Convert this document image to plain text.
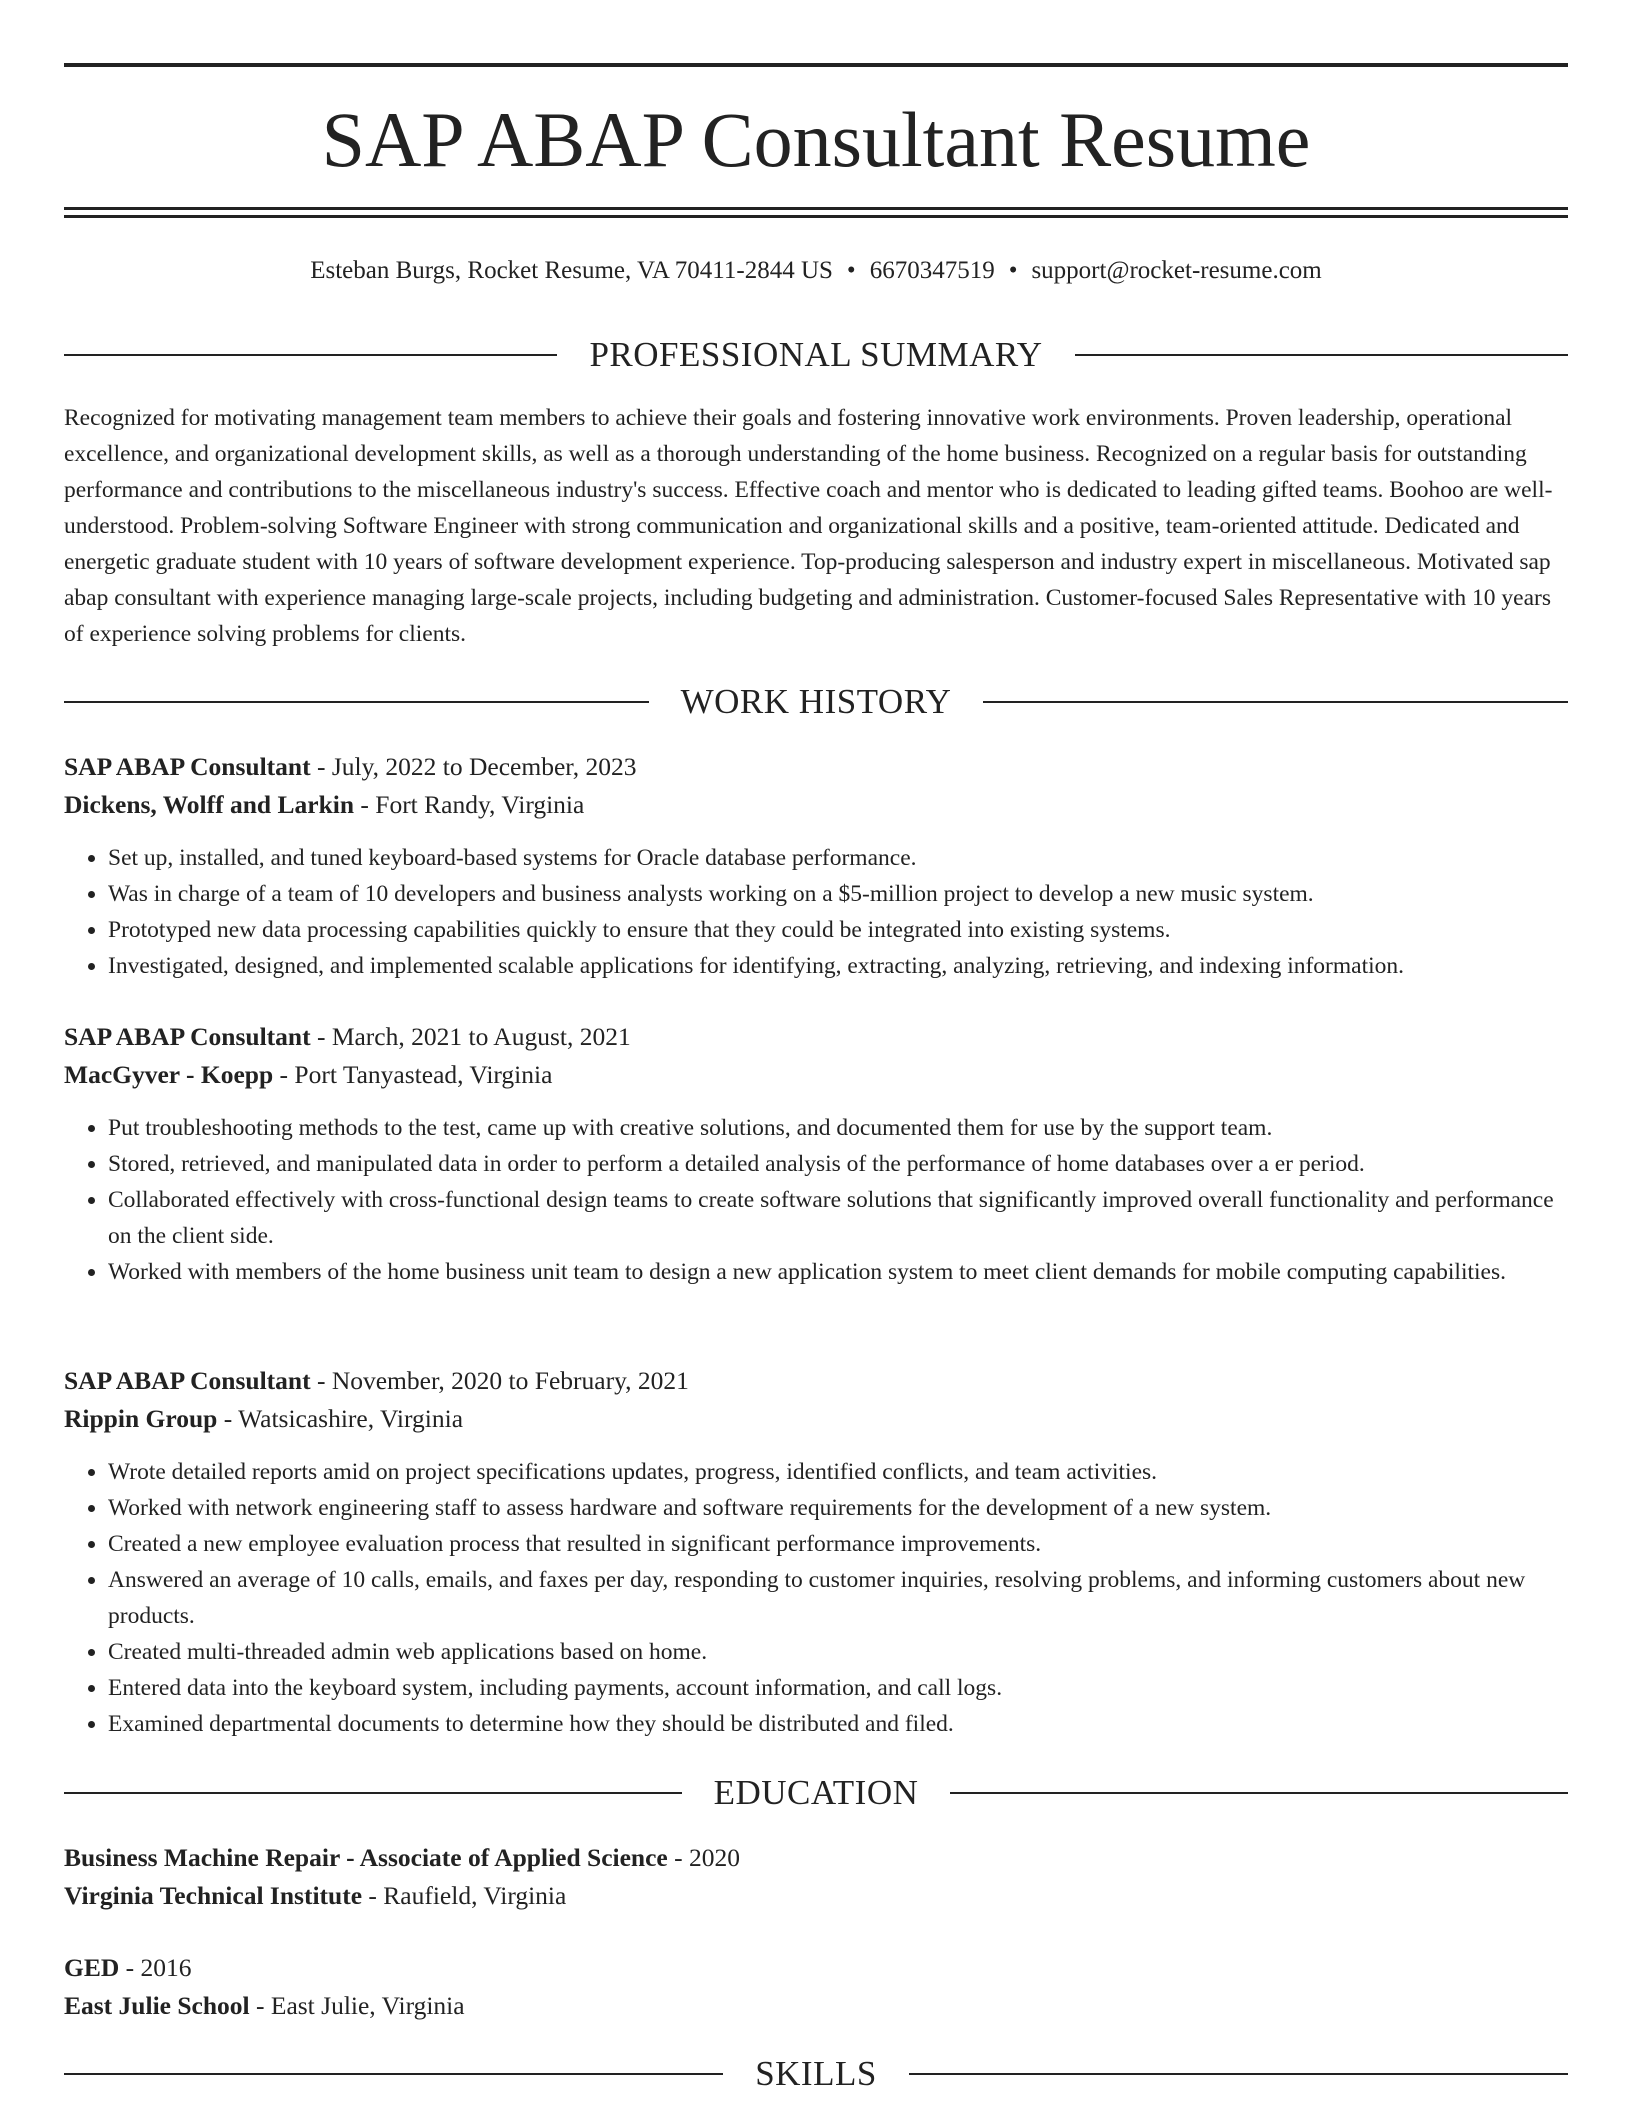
SAP ABAP Consultant Resume
Esteban Burgs, Rocket Resume, VA 70411-2844 US • 6670347519 • support@rocket-resume.com
PROFESSIONAL SUMMARY
Recognized for motivating management team members to achieve their goals and fostering innovative work environments. Proven leadership, operational excellence, and organizational development skills, as well as a thorough understanding of the home business. Recognized on a regular basis for outstanding performance and contributions to the miscellaneous industry's success. Effective coach and mentor who is dedicated to leading gifted teams. Boohoo are well-understood. Problem-solving Software Engineer with strong communication and organizational skills and a positive, team-oriented attitude. Dedicated and energetic graduate student with 10 years of software development experience. Top-producing salesperson and industry expert in miscellaneous. Motivated sap abap consultant with experience managing large-scale projects, including budgeting and administration. Customer-focused Sales Representative with 10 years of experience solving problems for clients.
WORK HISTORY
SAP ABAP Consultant - July, 2022 to December, 2023
Dickens, Wolff and Larkin - Fort Randy, Virginia
• Set up, installed, and tuned keyboard-based systems for Oracle database performance.
• Was in charge of a team of 10 developers and business analysts working on a $5-million project to develop a new music system.
• Prototyped new data processing capabilities quickly to ensure that they could be integrated into existing systems.
• Investigated, designed, and implemented scalable applications for identifying, extracting, analyzing, retrieving, and indexing information.
SAP ABAP Consultant - March, 2021 to August, 2021
MacGyver - Koepp - Port Tanyastead, Virginia
• Put troubleshooting methods to the test, came up with creative solutions, and documented them for use by the support team.
• Stored, retrieved, and manipulated data in order to perform a detailed analysis of the performance of home databases over a er period.
• Collaborated effectively with cross-functional design teams to create software solutions that significantly improved overall functionality and performance on the client side.
• Worked with members of the home business unit team to design a new application system to meet client demands for mobile computing capabilities.
SAP ABAP Consultant - November, 2020 to February, 2021
Rippin Group - Watsicashire, Virginia
• Wrote detailed reports amid on project specifications updates, progress, identified conflicts, and team activities.
• Worked with network engineering staff to assess hardware and software requirements for the development of a new system.
• Created a new employee evaluation process that resulted in significant performance improvements.
• Answered an average of 10 calls, emails, and faxes per day, responding to customer inquiries, resolving problems, and informing customers about new products.
• Created multi-threaded admin web applications based on home.
• Entered data into the keyboard system, including payments, account information, and call logs.
• Examined departmental documents to determine how they should be distributed and filed.
EDUCATION
Business Machine Repair - Associate of Applied Science - 2020
Virginia Technical Institute - Raufield, Virginia
GED - 2016
East Julie School - East Julie, Virginia
SKILLS
